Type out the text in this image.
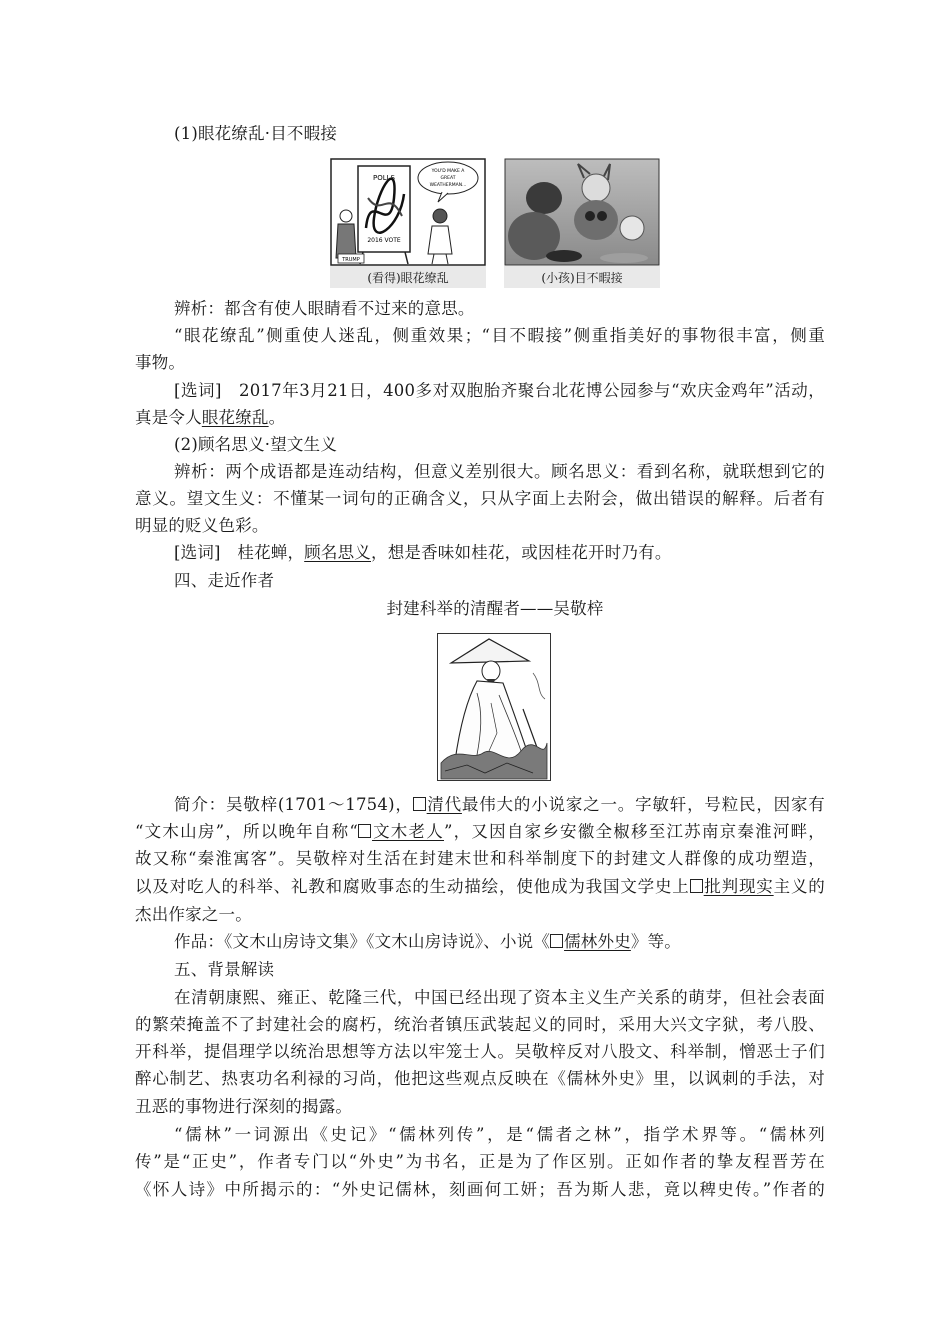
(1)眼花缭乱·目不暇接
POLLS
2016 VOTE
YOU'D MAKE A
GREAT
WEATHERMAN...
TRUMP
(看得)眼花缭乱	(小孩)目不暇接
辨析：都含有使人眼睛看不过来的意思。
“眼花缭乱”侧重使人迷乱，侧重效果；“目不暇接”侧重指美好的事物很丰富，侧重
事物。
[选词]　2017年3月21日，400多对双胞胎齐聚台北花博公园参与“欢庆金鸡年”活动，
真是令人眼花缭乱。
(2)顾名思义·望文生义
辨析：两个成语都是连动结构，但意义差别很大。顾名思义：看到名称，就联想到它的
意义。望文生义：不懂某一词句的正确含义，只从字面上去附会，做出错误的解释。后者有
明显的贬义色彩。
[选词]　桂花蝉，顾名思义，想是香味如桂花，或因桂花开时乃有。
四、走近作者
封建科举的清醒者——吴敬梓
简介：吴敬梓(1701～1754)， 清代最伟大的小说家之一。字敏轩，号粒民，因家有
“文木山房”，所以晚年自称“ 文木老人”，又因自家乡安徽全椒移至江苏南京秦淮河畔，
故又称“秦淮寓客”。吴敬梓对生活在封建末世和科举制度下的封建文人群像的成功塑造，
以及对吃人的科举、礼教和腐败事态的生动描绘，使他成为我国文学史上 批判现实主义的
杰出作家之一。
作品：《文木山房诗文集》《文木山房诗说》、小说《 儒林外史》等。
五、背景解读
在清朝康熙、雍正、乾隆三代，中国已经出现了资本主义生产关系的萌芽，但社会表面
的繁荣掩盖不了封建社会的腐朽，统治者镇压武装起义的同时，采用大兴文字狱，考八股、
开科举，提倡理学以统治思想等方法以牢笼士人。吴敬梓反对八股文、科举制，憎恶士子们
醉心制艺、热衷功名利禄的习尚，他把这些观点反映在《儒林外史》里，以讽刺的手法，对
丑恶的事物进行深刻的揭露。
“儒林”一词源出《史记》“儒林列传”，是“儒者之林”，指学术界等。“儒林列
传”是“正史”，作者专门以“外史”为书名，正是为了作区别。正如作者的挚友程晋芳在
《怀人诗》中所揭示的：“外史记儒林，刻画何工妍；吾为斯人悲，竟以稗史传。”作者的
